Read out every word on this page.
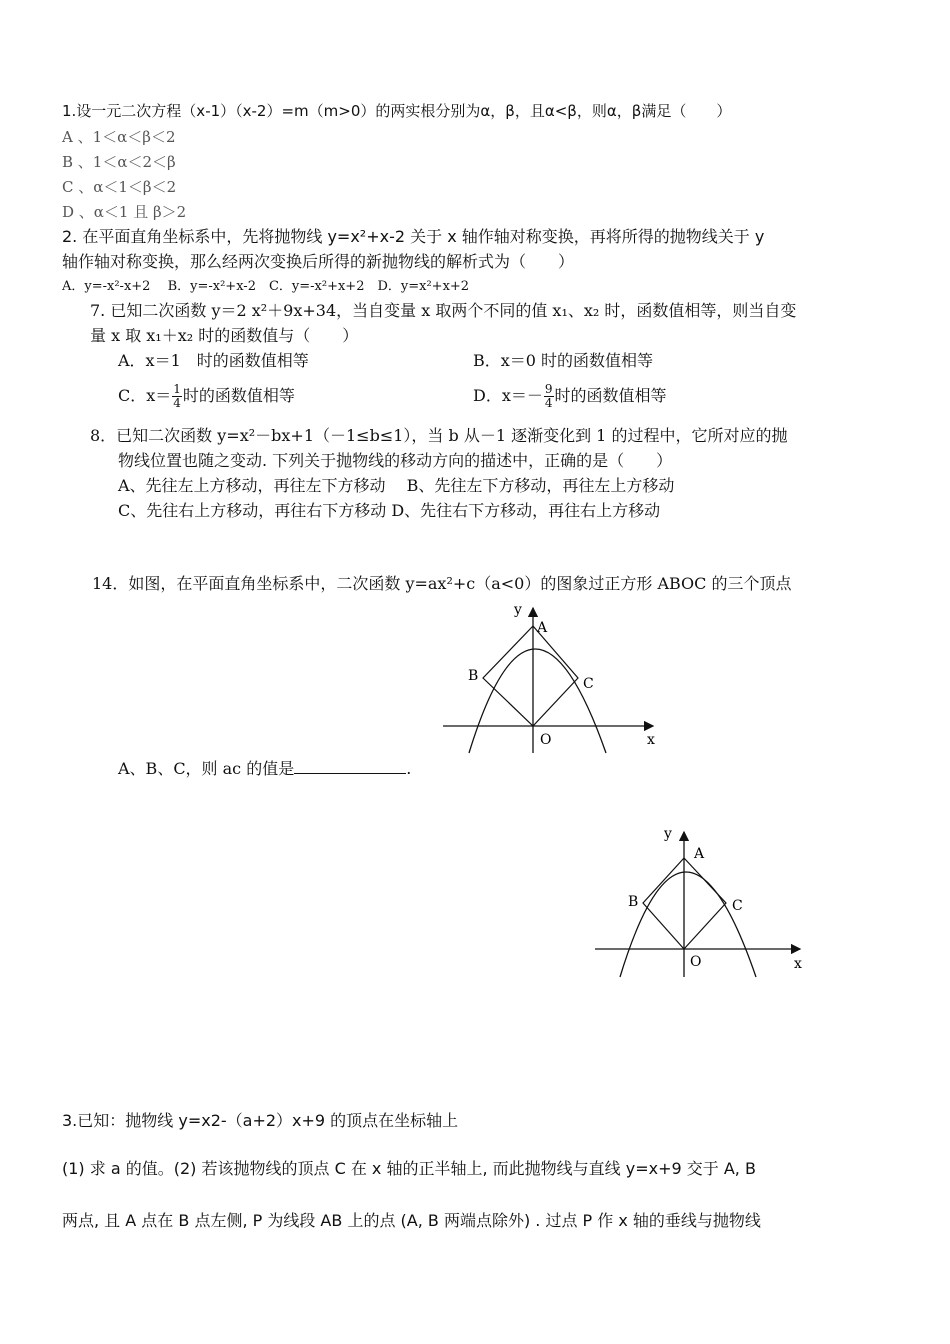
1.设一元二次方程（x-1）（x-2）=m（m>0）的两实根分别为α，β，且α<β，则α，β满足（　　）
A 、1＜α＜β＜2
B 、1＜α＜2＜β
C 、α＜1＜β＜2
D 、α＜1 且 β＞2
2. 在平面直角坐标系中，先将抛物线 y=x²+x-2 关于 x 轴作轴对称变换，再将所得的抛物线关于 y
轴作轴对称变换，那么经两次变换后所得的新抛物线的解析式为（　　）
A．y=-x²-x+2　 B．y=-x²+x-2　C．y=-x²+x+2　D．y=x²+x+2
7. 已知二次函数 y＝2 x²＋9x+34，当自变量 x 取两个不同的值 x₁、x₂ 时，函数值相等，则当自变
量 x 取 x₁＋x₂ 时的函数值与（　　）
A．x＝1　时的函数值相等	B．x＝0 时的函数值相等
C．$x= \frac{1}{4}$ 时的函数值相等	D．$x=- \frac{9}{4}$ 时的函数值相等
8．已知二次函数 y=x²－bx+1（－1≤b≤1），当 b 从－1 逐渐变化到 1 的过程中，它所对应的抛
物线位置也随之变动. 下列关于抛物线的移动方向的描述中，正确的是（　　）
A、先往左上方移动，再往左下方移动　 B、先往左下方移动，再往左上方移动
C、先往右上方移动，再往右下方移动 D、先往右下方移动，再往右上方移动
14．如图，在平面直角坐标系中，二次函数 y=ax²+c（a<0）的图象过正方形 ABOC 的三个顶点
y
A
B	C
O	x
A、B、C，则 ac 的值是	.
y
A
B	C
O	x
3.已知：抛物线 y=x2-（a+2）x+9 的顶点在坐标轴上
(1) 求 a 的值。(2) 若该抛物线的顶点 C 在 x 轴的正半轴上, 而此抛物线与直线 y=x+9 交于 A, B
两点, 且 A 点在 B 点左侧, P 为线段 AB 上的点 (A, B 两端点除外) . 过点 P 作 x 轴的垂线与抛物线
